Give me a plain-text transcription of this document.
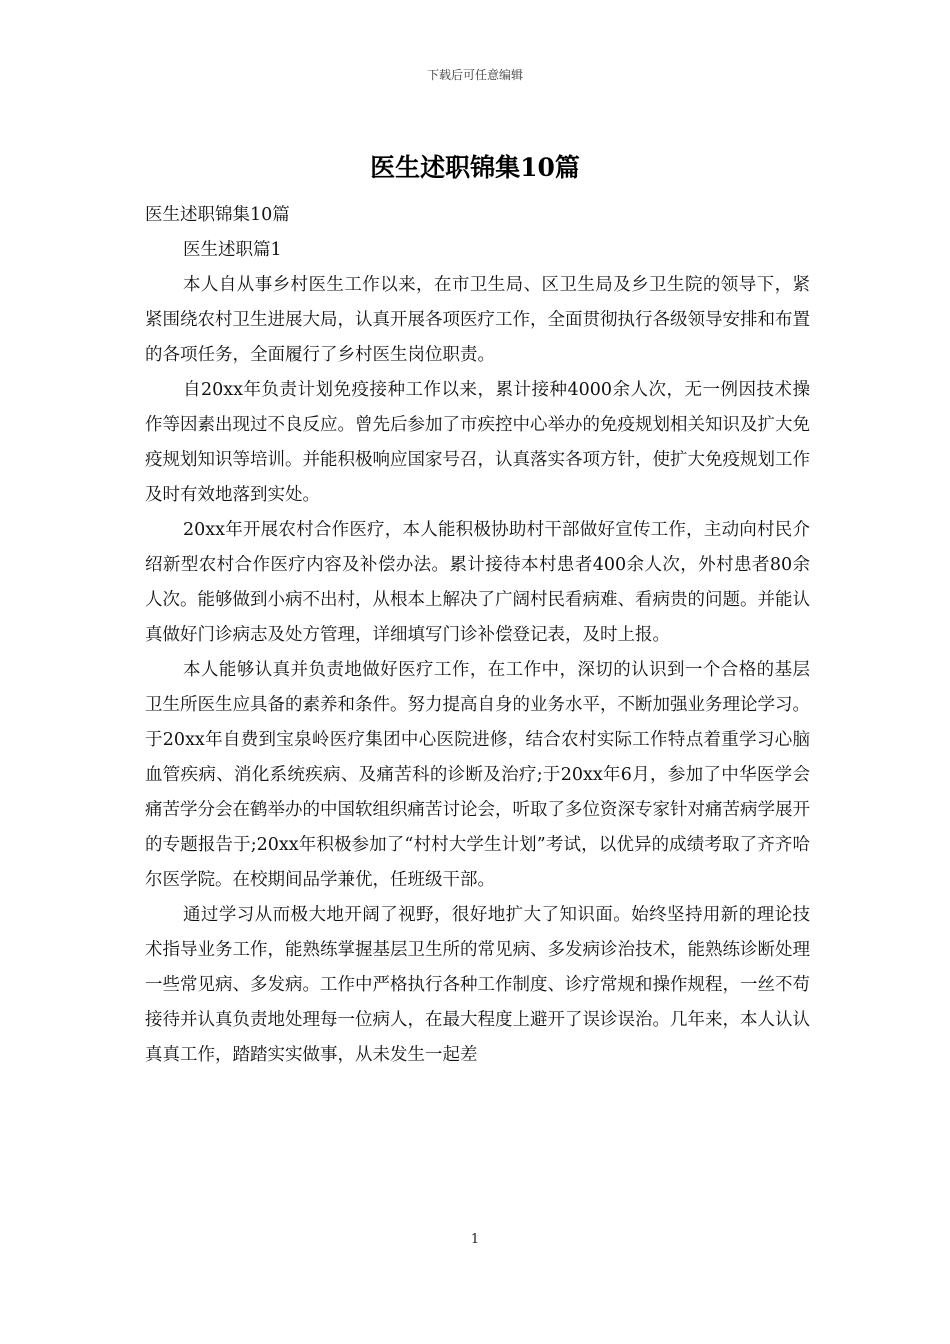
下载后可任意编辑
医生述职锦集10篇

医生述职锦集10篇

医生述职篇1

本人自从事乡村医生工作以来，在市卫生局、区卫生局及乡卫生院的领导下，紧紧围绕农村卫生进展大局，认真开展各项医疗工作，全面贯彻执行各级领导安排和布置的各项任务，全面履行了乡村医生岗位职责。

自20xx年负责计划免疫接种工作以来，累计接种4000余人次，无一例因技术操作等因素出现过不良反应。曾先后参加了市疾控中心举办的免疫规划相关知识及扩大免疫规划知识等培训。并能积极响应国家号召，认真落实各项方针，使扩大免疫规划工作及时有效地落到实处。

20xx年开展农村合作医疗，本人能积极协助村干部做好宣传工作，主动向村民介绍新型农村合作医疗内容及补偿办法。累计接待本村患者400余人次，外村患者80余人次。能够做到小病不出村，从根本上解决了广阔村民看病难、看病贵的问题。并能认真做好门诊病志及处方管理，详细填写门诊补偿登记表，及时上报。

本人能够认真并负责地做好医疗工作，在工作中，深切的认识到一个合格的基层卫生所医生应具备的素养和条件。努力提高自身的业务水平，不断加强业务理论学习。于20xx年自费到宝泉岭医疗集团中心医院进修，结合农村实际工作特点着重学习心脑血管疾病、消化系统疾病、及痛苦科的诊断及治疗;于20xx年6月，参加了中华医学会痛苦学分会在鹤举办的中国软组织痛苦讨论会，听取了多位资深专家针对痛苦病学展开的专题报告于;20xx年积极参加了“村村大学生计划”考试，以优异的成绩考取了齐齐哈尔医学院。在校期间品学兼优，任班级干部。

通过学习从而极大地开阔了视野，很好地扩大了知识面。始终坚持用新的理论技术指导业务工作，能熟练掌握基层卫生所的常见病、多发病诊治技术，能熟练诊断处理一些常见病、多发病。工作中严格执行各种工作制度、诊疗常规和操作规程，一丝不苟接待并认真负责地处理每一位病人，在最大程度上避开了误诊误治。几年来，本人认认真真工作，踏踏实实做事，从未发生一起差

1
